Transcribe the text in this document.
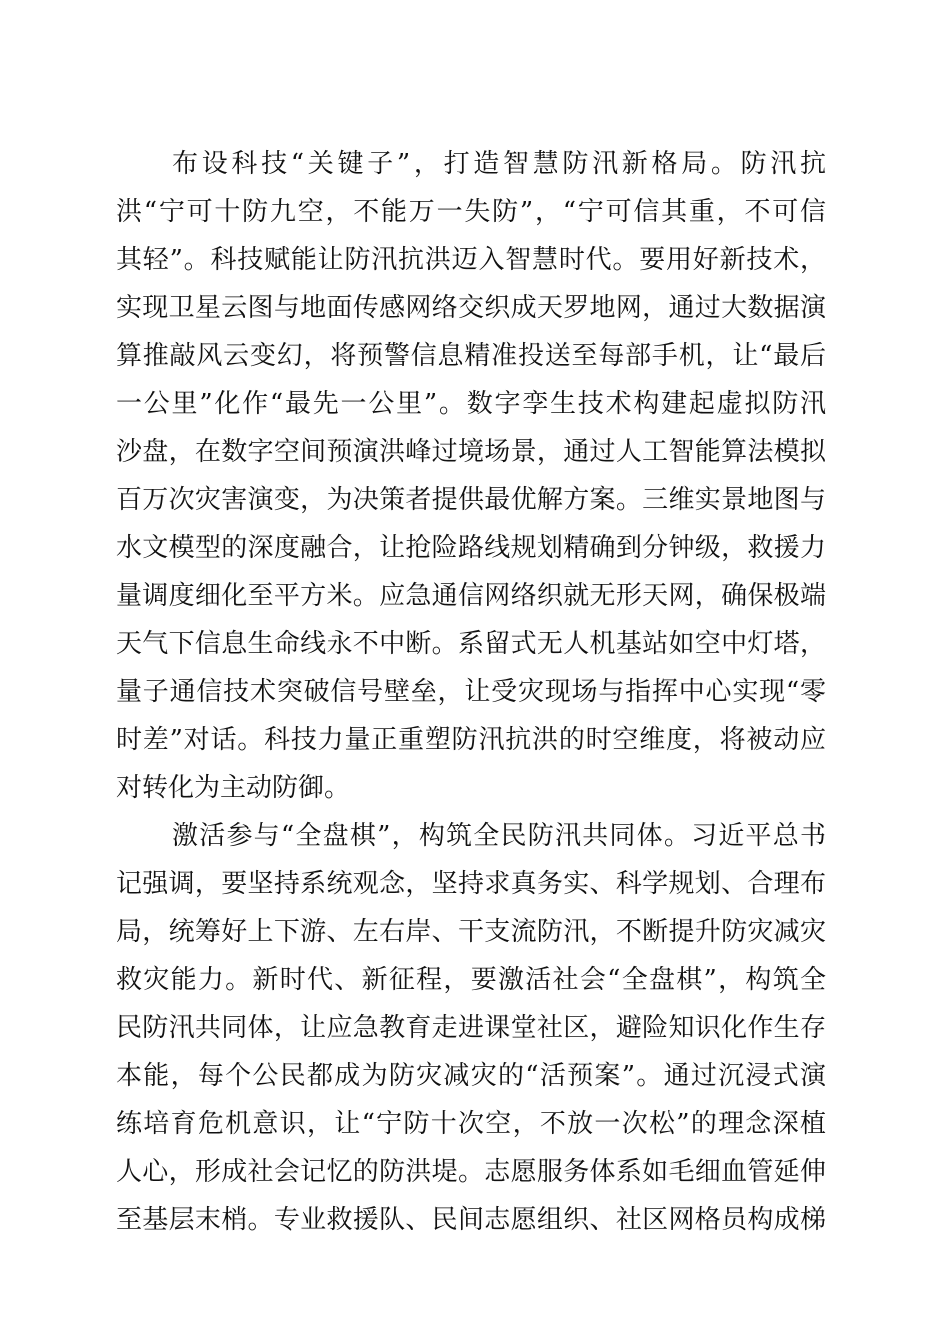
布设科技“关键子”，打造智慧防汛新格局。防汛抗
洪“宁可十防九空，不能万一失防”，“宁可信其重，不可信
其轻”。科技赋能让防汛抗洪迈入智慧时代。要用好新技术，
实现卫星云图与地面传感网络交织成天罗地网，通过大数据演
算推敲风云变幻，将预警信息精准投送至每部手机，让“最后
一公里”化作“最先一公里”。数字孪生技术构建起虚拟防汛
沙盘，在数字空间预演洪峰过境场景，通过人工智能算法模拟
百万次灾害演变，为决策者提供最优解方案。三维实景地图与
水文模型的深度融合，让抢险路线规划精确到分钟级，救援力
量调度细化至平方米。应急通信网络织就无形天网，确保极端
天气下信息生命线永不中断。系留式无人机基站如空中灯塔，
量子通信技术突破信号壁垒，让受灾现场与指挥中心实现“零
时差”对话。科技力量正重塑防汛抗洪的时空维度，将被动应
对转化为主动防御。
激活参与“全盘棋”，构筑全民防汛共同体。习近平总书
记强调，要坚持系统观念，坚持求真务实、科学规划、合理布
局，统筹好上下游、左右岸、干支流防汛，不断提升防灾减灾
救灾能力。新时代、新征程，要激活社会“全盘棋”，构筑全
民防汛共同体，让应急教育走进课堂社区，避险知识化作生存
本能，每个公民都成为防灾减灾的“活预案”。通过沉浸式演
练培育危机意识，让“宁防十次空，不放一次松”的理念深植
人心，形成社会记忆的防洪堤。志愿服务体系如毛细血管延伸
至基层末梢。专业救援队、民间志愿组织、社区网格员构成梯
